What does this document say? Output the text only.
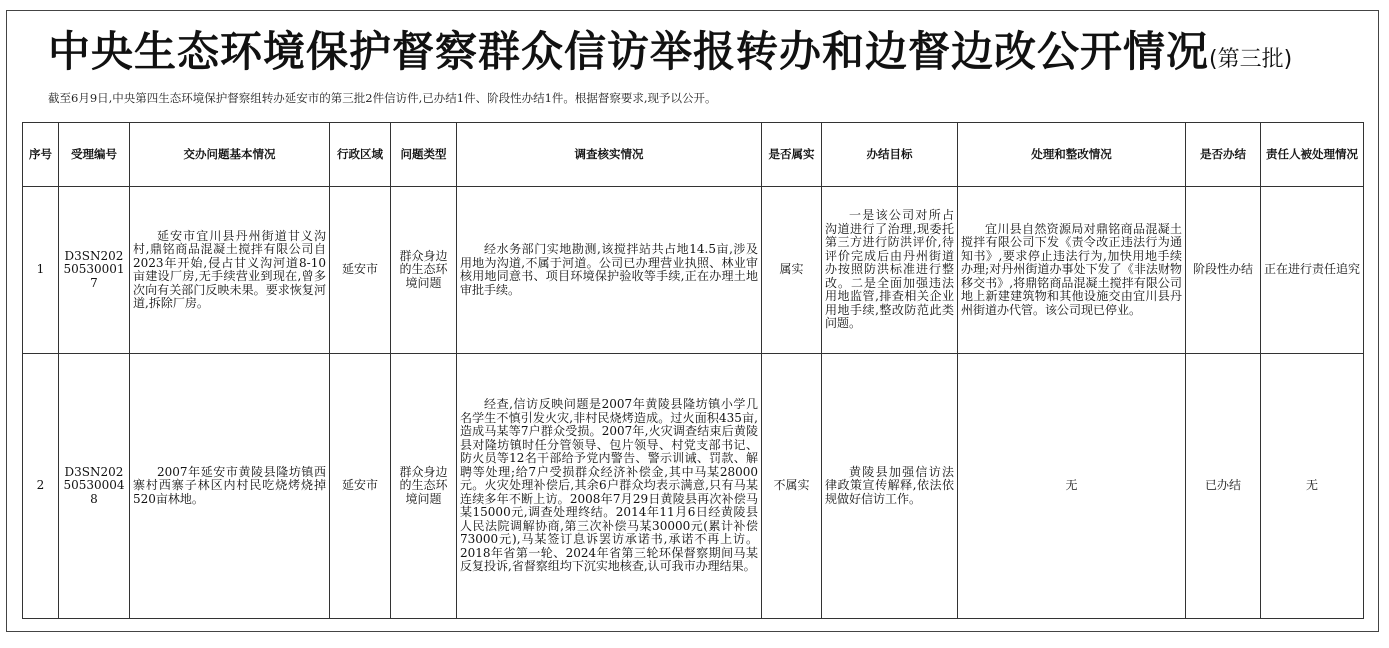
中央生态环境保护督察群众信访举报转办和边督边改公开情况(第三批)
截至6月9日,中央第四生态环境保护督察组转办延安市的第三批2件信访件,已办结1件、阶段性办结1件。根据督察要求,现予以公开。
序号	受理编号	交办问题基本情况	行政区域	问题类型	调查核实情况	是否属实	办结目标	处理和整改情况	是否办结	责任人被处理情况
1	D3SN202505300017	延安市宜川县丹州街道甘义沟村,鼎铭商品混凝土搅拌有限公司自2023年开始,侵占甘义沟河道8-10亩建设厂房,无手续营业到现在,曾多次向有关部门反映未果。要求恢复河道,拆除厂房。	延安市	群众身边的生态环境问题	经水务部门实地勘测,该搅拌站共占地14.5亩,涉及用地为沟道,不属于河道。公司已办理营业执照、林业审核用地同意书、项目环境保护验收等手续,正在办理土地审批手续。	属实	一是该公司对所占沟道进行了治理,现委托第三方进行防洪评价,待评价完成后由丹州街道办按照防洪标准进行整改。二是全面加强违法用地监管,排查相关企业用地手续,整改防范此类问题。	宜川县自然资源局对鼎铭商品混凝土搅拌有限公司下发《责令改正违法行为通知书》,要求停止违法行为,加快用地手续办理;对丹州街道办事处下发了《非法财物移交书》,将鼎铭商品混凝土搅拌有限公司地上新建建筑物和其他设施交由宜川县丹州街道办代管。该公司现已停业。	阶段性办结	正在进行责任追究
2	D3SN202505300048	2007年延安市黄陵县隆坊镇西寨村西寨子林区内村民吃烧烤烧掉520亩林地。	延安市	群众身边的生态环境问题	经查,信访反映问题是2007年黄陵县隆坊镇小学几名学生不慎引发火灾,非村民烧烤造成。过火面积435亩,造成马某等7户群众受损。2007年,火灾调查结束后黄陵县对隆坊镇时任分管领导、包片领导、村党支部书记、防火员等12名干部给予党内警告、警示训诫、罚款、解聘等处理;给7户受损群众经济补偿金,其中马某28000元。火灾处理补偿后,其余6户群众均表示满意,只有马某连续多年不断上访。2008年7月29日黄陵县再次补偿马某15000元,调查处理终结。2014年11月6日经黄陵县人民法院调解协商,第三次补偿马某30000元(累计补偿73000元),马某签订息诉罢访承诺书,承诺不再上访。2018年省第一轮、2024年省第三轮环保督察期间马某反复投诉,省督察组均下沉实地核查,认可我市办理结果。	不属实	黄陵县加强信访法律政策宣传解释,依法依规做好信访工作。	无	已办结	无
